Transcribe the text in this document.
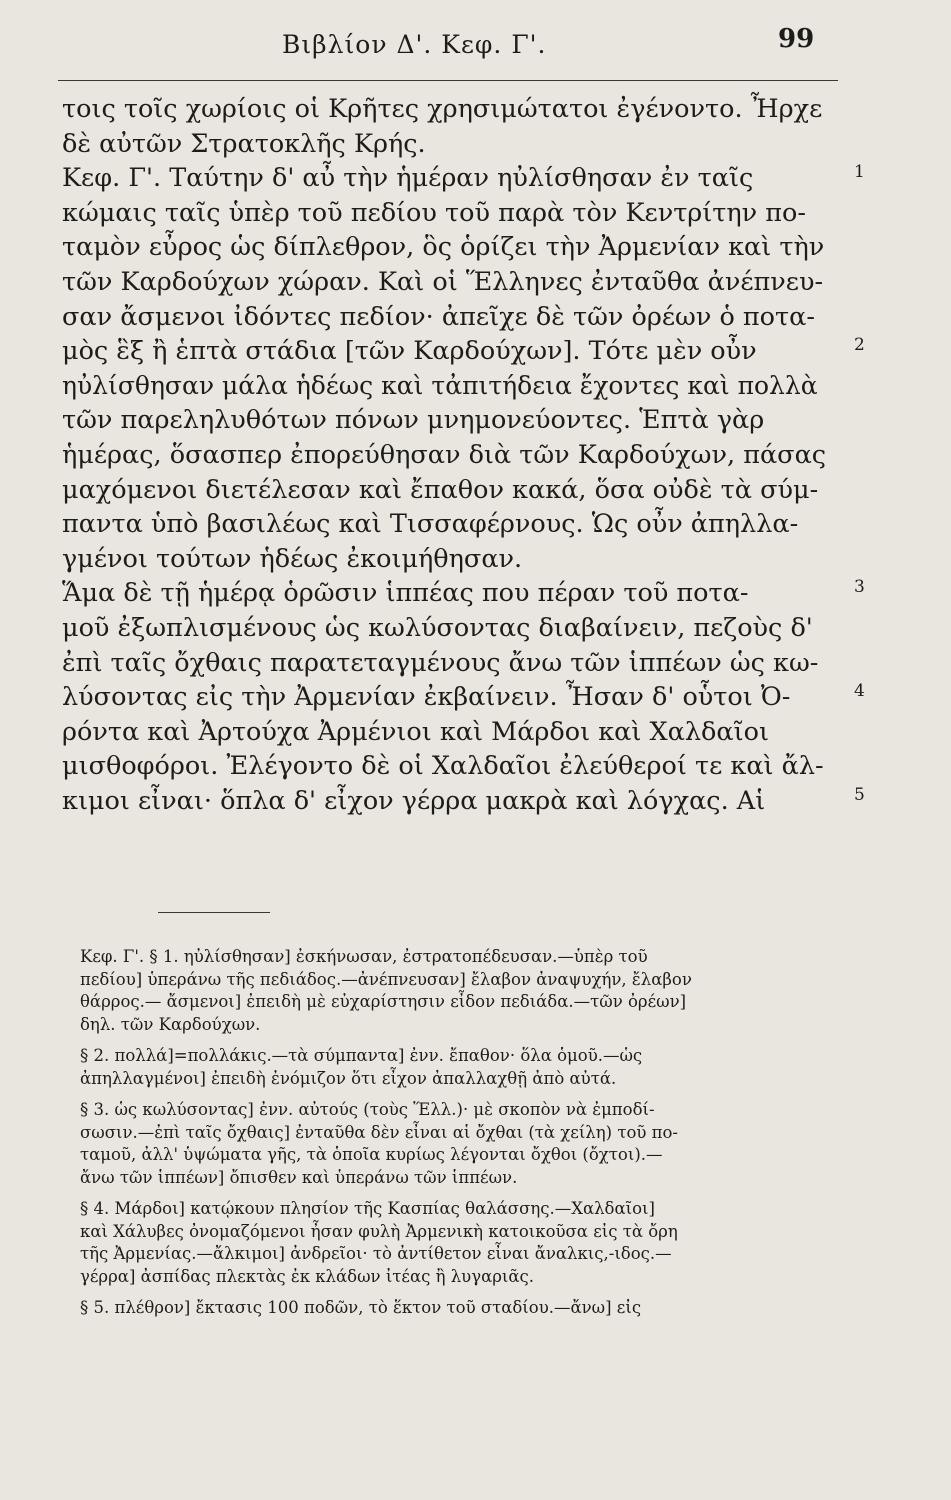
Βιβλίον Δ'. Κεφ. Γ'.	99
τοις τοῖς χωρίοις οἱ Κρῆτες χρησιμώτατοι ἐγένοντο. Ἦρχε
δὲ αὐτῶν Στρατοκλῆς Κρής.
Κεφ. Γ'. Ταύτην δ' αὖ τὴν ἡμέραν ηὐλίσθησαν ἐν ταῖς	1
κώμαις ταῖς ὑπὲρ τοῦ πεδίου τοῦ παρὰ τὸν Κεντρίτην πο-
ταμὸν εὖρος ὡς δίπλεθρον, ὃς ὁρίζει τὴν Ἀρμενίαν καὶ τὴν
τῶν Καρδούχων χώραν. Καὶ οἱ Ἕλληνες ἐνταῦθα ἀνέπνευ-
σαν ἄσμενοι ἰδόντες πεδίον· ἀπεῖχε δὲ τῶν ὀρέων ὁ ποτα-
μὸς ἓξ ἢ ἑπτὰ στάδια [τῶν Καρδούχων]. Τότε μὲν οὖν	2
ηὐλίσθησαν μάλα ἡδέως καὶ τἀπιτήδεια ἔχοντες καὶ πολλὰ
τῶν παρεληλυθότων πόνων μνημονεύοντες. Ἑπτὰ γὰρ
ἡμέρας, ὅσασπερ ἐπορεύθησαν διὰ τῶν Καρδούχων, πάσας
μαχόμενοι διετέλεσαν καὶ ἔπαθον κακά, ὅσα οὐδὲ τὰ σύμ-
παντα ὑπὸ βασιλέως καὶ Τισσαφέρνους. Ὡς οὖν ἀπηλλα-
γμένοι τούτων ἡδέως ἐκοιμήθησαν.
Ἅμα δὲ τῇ ἡμέρᾳ ὁρῶσιν ἱππέας που πέραν τοῦ ποτα-	3
μοῦ ἐξωπλισμένους ὡς κωλύσοντας διαβαίνειν, πεζοὺς δ'
ἐπὶ ταῖς ὄχθαις παρατεταγμένους ἄνω τῶν ἱππέων ὡς κω-
λύσοντας εἰς τὴν Ἀρμενίαν ἐκβαίνειν. Ἦσαν δ' οὗτοι Ὀ-	4
ρόντα καὶ Ἀρτούχα Ἀρμένιοι καὶ Μάρδοι καὶ Χαλδαῖοι
μισθοφόροι. Ἐλέγοντο δὲ οἱ Χαλδαῖοι ἐλεύθεροί τε καὶ ἄλ-
κιμοι εἶναι· ὅπλα δ' εἶχον γέρρα μακρὰ καὶ λόγχας. Αἱ	5
Κεφ. Γ'. § 1. ηὐλίσθησαν] ἐσκήνωσαν, ἐστρατοπέδευσαν.—ὑπὲρ τοῦ
πεδίου] ὑπεράνω τῆς πεδιάδος.—ἀνέπνευσαν] ἔλαβον ἀναψυχήν, ἔλαβον
θάρρος.— ἄσμενοι] ἐπειδὴ μὲ εὐχαρίστησιν εἶδον πεδιάδα.—τῶν ὀρέων]
δηλ. τῶν Καρδούχων.
§ 2. πολλά]=πολλάκις.—τὰ σύμπαντα] ἐνν. ἔπαθον· ὅλα ὁμοῦ.—ὡς
ἀπηλλαγμένοι] ἐπειδὴ ἐνόμιζον ὅτι εἶχον ἀπαλλαχθῇ ἀπὸ αὐτά.
§ 3. ὡς κωλύσοντας] ἐνν. αὐτούς (τοὺς Ἕλλ.)· μὲ σκοπὸν νὰ ἐμποδί-
σωσιν.—ἐπὶ ταῖς ὄχθαις] ἐνταῦθα δὲν εἶναι αἱ ὄχθαι (τὰ χείλη) τοῦ πο-
ταμοῦ, ἀλλ' ὑψώματα γῆς, τὰ ὁποῖα κυρίως λέγονται ὄχθοι (ὄχτοι).—
ἄνω τῶν ἱππέων] ὄπισθεν καὶ ὑπεράνω τῶν ἱππέων.
§ 4. Μάρδοι] κατῴκουν πλησίον τῆς Κασπίας θαλάσσης.—Χαλδαῖοι]
καὶ Χάλυβες ὀνομαζόμενοι ἦσαν φυλὴ Ἀρμενικὴ κατοικοῦσα εἰς τὰ ὄρη
τῆς Ἀρμενίας.—ἄλκιμοι] ἀνδρεῖοι· τὸ ἀντίθετον εἶναι ἄναλκις,-ιδος.—
γέρρα] ἀσπίδας πλεκτὰς ἐκ κλάδων ἰτέας ἢ λυγαριᾶς.
§ 5. πλέθρον] ἔκτασις 100 ποδῶν, τὸ ἕκτον τοῦ σταδίου.—ἄνω] εἰς
